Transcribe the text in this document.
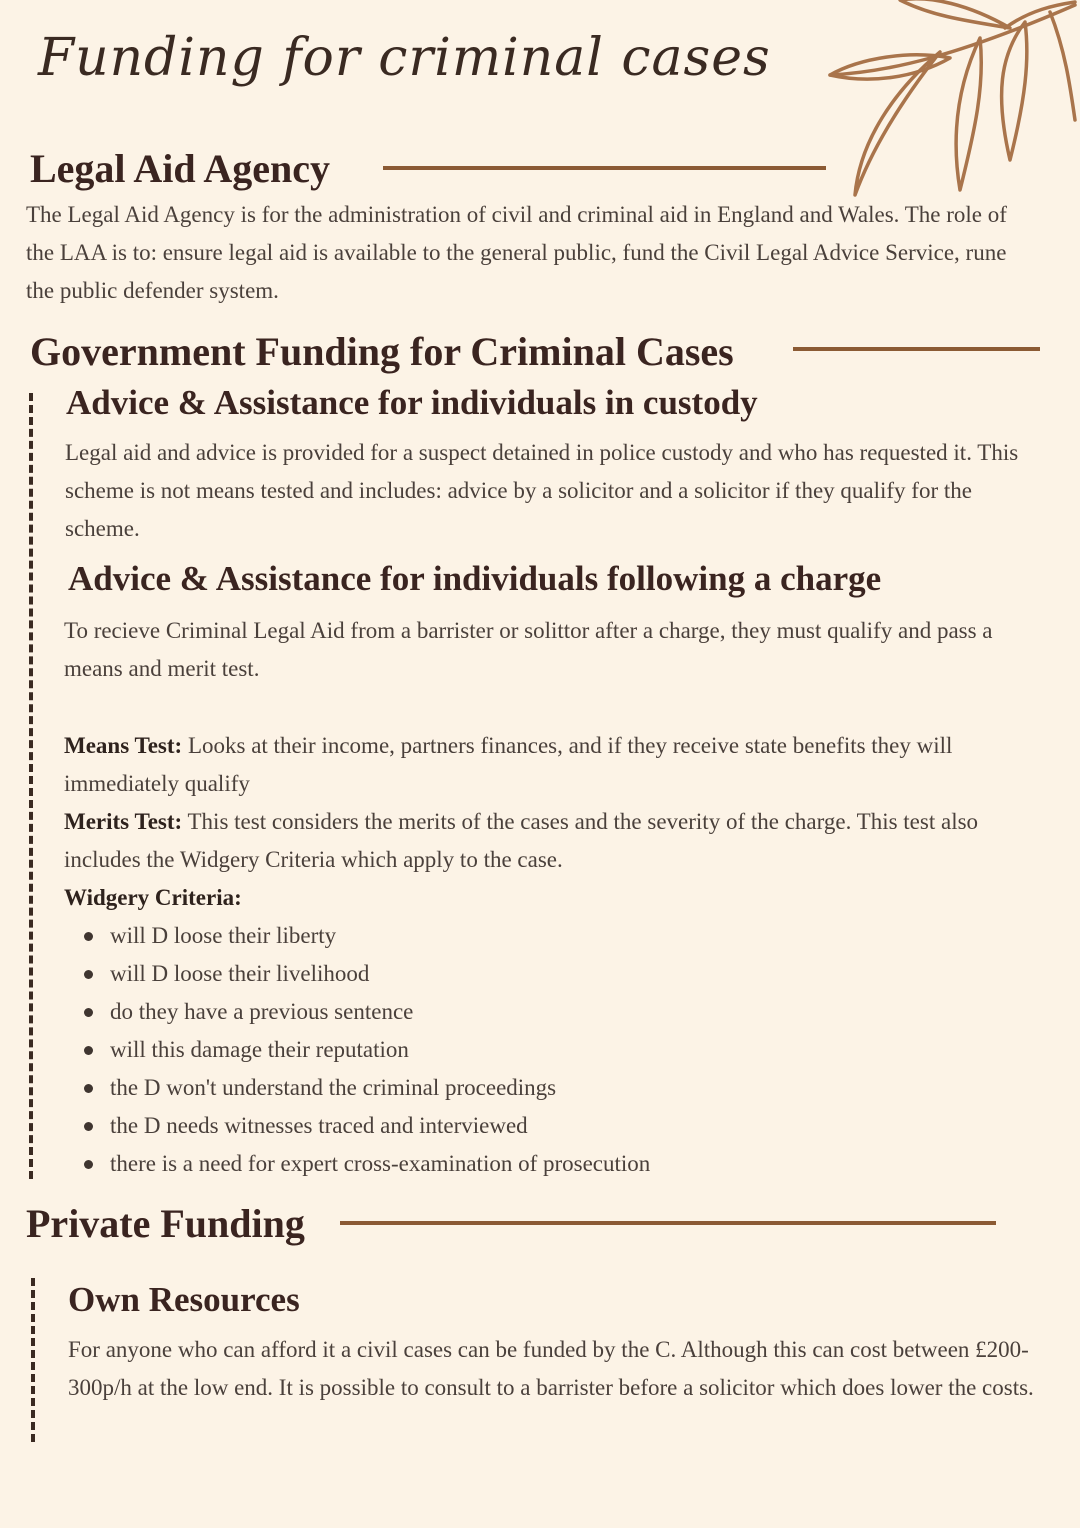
Funding for criminal cases
Legal Aid Agency

The Legal Aid Agency is for the administration of civil and criminal aid in England and Wales. The role of the LAA is to: ensure legal aid is available to the general public, fund the Civil Legal Advice Service, rune the public defender system.

Government Funding for Criminal Cases
Advice & Assistance for individuals in custody

Legal aid and advice is provided for a suspect detained in police custody and who has requested it. This scheme is not means tested and includes: advice by a solicitor and a solicitor if they qualify for the scheme.

Advice & Assistance for individuals following a charge

To recieve Criminal Legal Aid from a barrister or solittor after a charge, they must qualify and pass a means and merit test.

Means Test: Looks at their income, partners finances, and if they receive state benefits they will immediately qualify

Merits Test: This test considers the merits of the cases and the severity of the charge. This test also includes the Widgery Criteria which apply to the case.

Widgery Criteria:

will D loose their liberty
will D loose their livelihood
do they have a previous sentence
will this damage their reputation
the D won't understand the criminal proceedings
the D needs witnesses traced and interviewed
there is a need for expert cross-examination of prosecution
Private Funding
Own Resources

For anyone who can afford it a civil cases can be funded by the C. Although this can cost between £200-300p/h at the low end. It is possible to consult to a barrister before a solicitor which does lower the costs.
